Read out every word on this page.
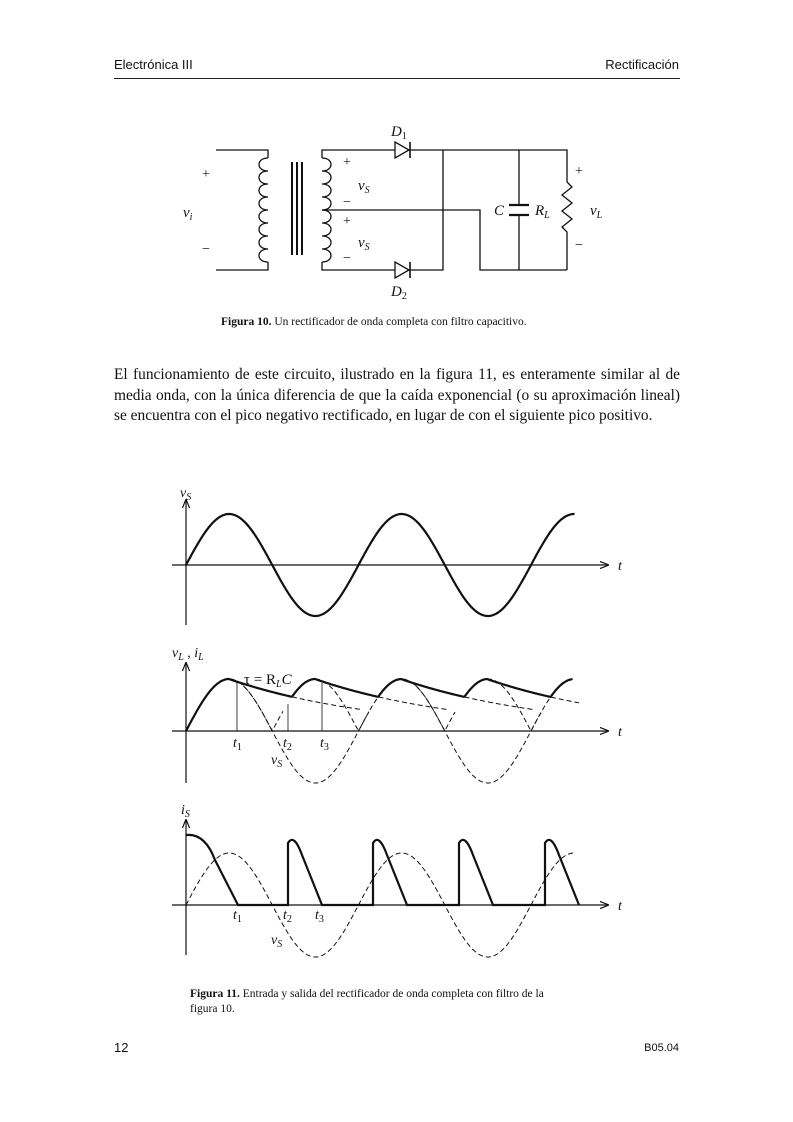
Electrónica III	Rectificación
$D_1$
$D_2$
+
$v_i$
−
+
$v_S$
−
+
$v_S$
−
C $R_L$
+
$v_L$
−
Figura 10. Un rectificador de onda completa con filtro capacitivo.

El funcionamiento de este circuito, ilustrado en la figura 11, es enteramente similar al de media onda, con la única diferencia de que la caída exponencial (o su aproximación lineal) se encuentra con el pico negativo rectificado, en lugar de con el siguiente pico positivo.

$v_S$
t
$v_L$ , $i_L$
$\tau = R_LC$
$t_1$	$t_2$ $t_3$
$v_S$
t
$i_S$
$t_1$	$t_2$ $t_3$
$v_S$
t
Figura 11. Entrada y salida del rectificador de onda completa con filtro de la
figura 10.
12	B05.04
